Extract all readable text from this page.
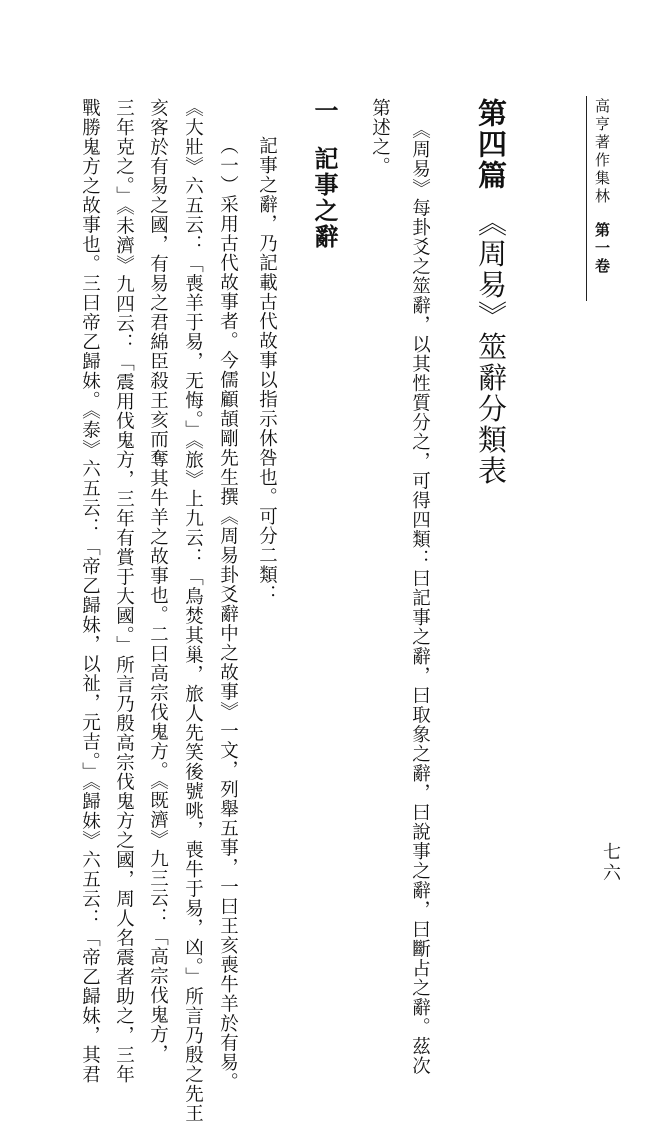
高亨著作集林
第一卷
第四篇　《周易》筮辭分類表
《周易》每卦爻之筮辭，以其性質分之，可得四類：曰記事之辭，曰取象之辭，曰說事之辭，曰斷占之辭。茲次
第述之。
一記事之辭
記事之辭，乃記載古代故事以指示休咎也。可分二類：
（一）采用古代故事者。今儒顧頡剛先生撰《周易卦爻辭中之故事》一文，列舉五事，一曰王亥喪牛羊於有易。
《大壯》六五云：「喪羊于易，无悔。」《旅》上九云：「鳥焚其巢，旅人先笑後號咷，喪牛于易，凶。」所言乃殷之先王
亥客於有易之國，有易之君綿臣殺王亥而奪其牛羊之故事也。二曰高宗伐鬼方。《既濟》九三云：「高宗伐鬼方，
三年克之。」《未濟》九四云：「震用伐鬼方，三年有賞于大國。」所言乃殷高宗伐鬼方之國，周人名震者助之，三年
戰勝鬼方之故事也。三曰帝乙歸妹。《泰》六五云：「帝乙歸妹，以祉，元吉。」《歸妹》六五云：「帝乙歸妹，其君	七六
